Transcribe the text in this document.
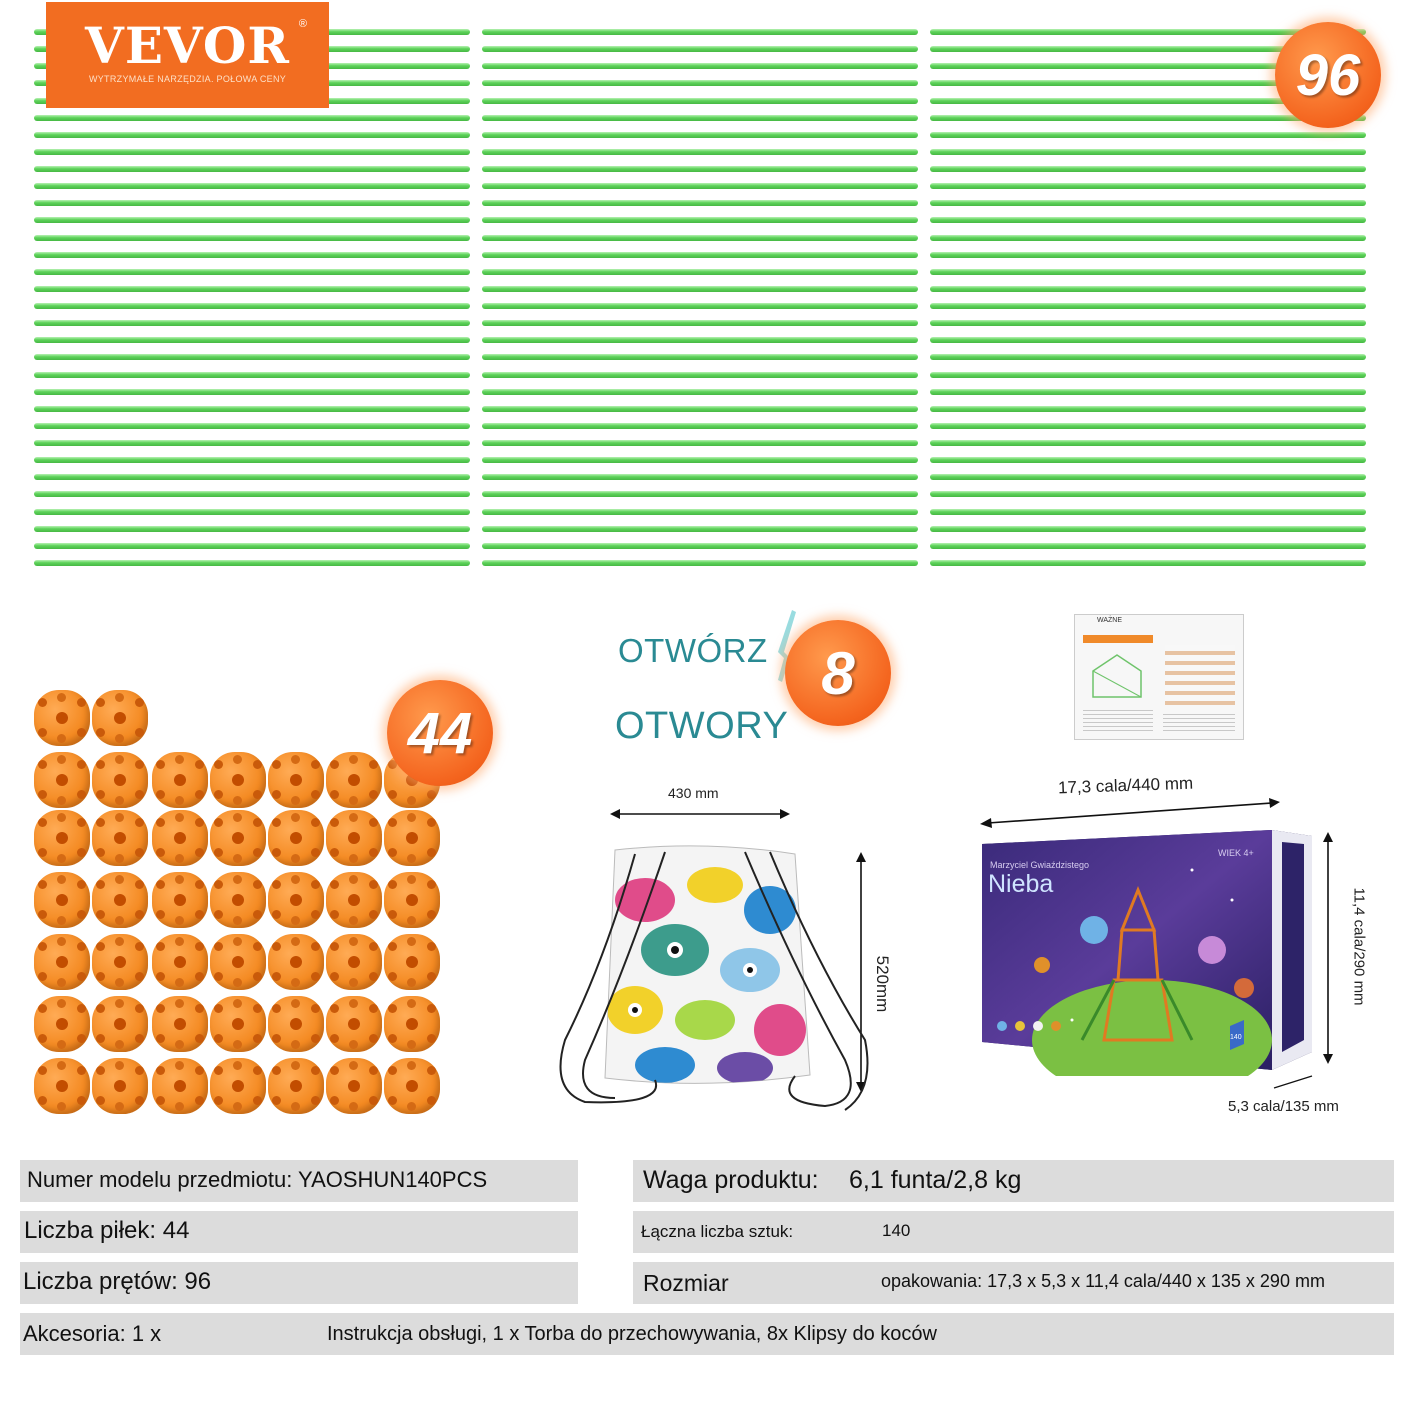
VEVOR ®
WYTRZYMAŁE NARZĘDZIA. POŁOWA CENY	96
44
OTWÓRZ
OTWORY
8
430 mm
520mm
WAŻNE
17,3 cala/440 mm
11,4 cala/290 mm
5,3 cala/135 mm
Marzyciel Gwiaździstego
Nieba
WIEK 4+
140
Numer modelu przedmiotu: YAOSHUN140PCS	Waga produktu: 6,1 funta/2,8 kg
Liczba piłek: 44	Łączna liczba sztuk:	140
Liczba prętów: 96	Rozmiar	opakowania: 17,3 x 5,3 x 11,4 cala/440 x 135 x 290 mm
Akcesoria: 1 x	Instrukcja obsługi, 1 x Torba do przechowywania, 8x Klipsy do koców
